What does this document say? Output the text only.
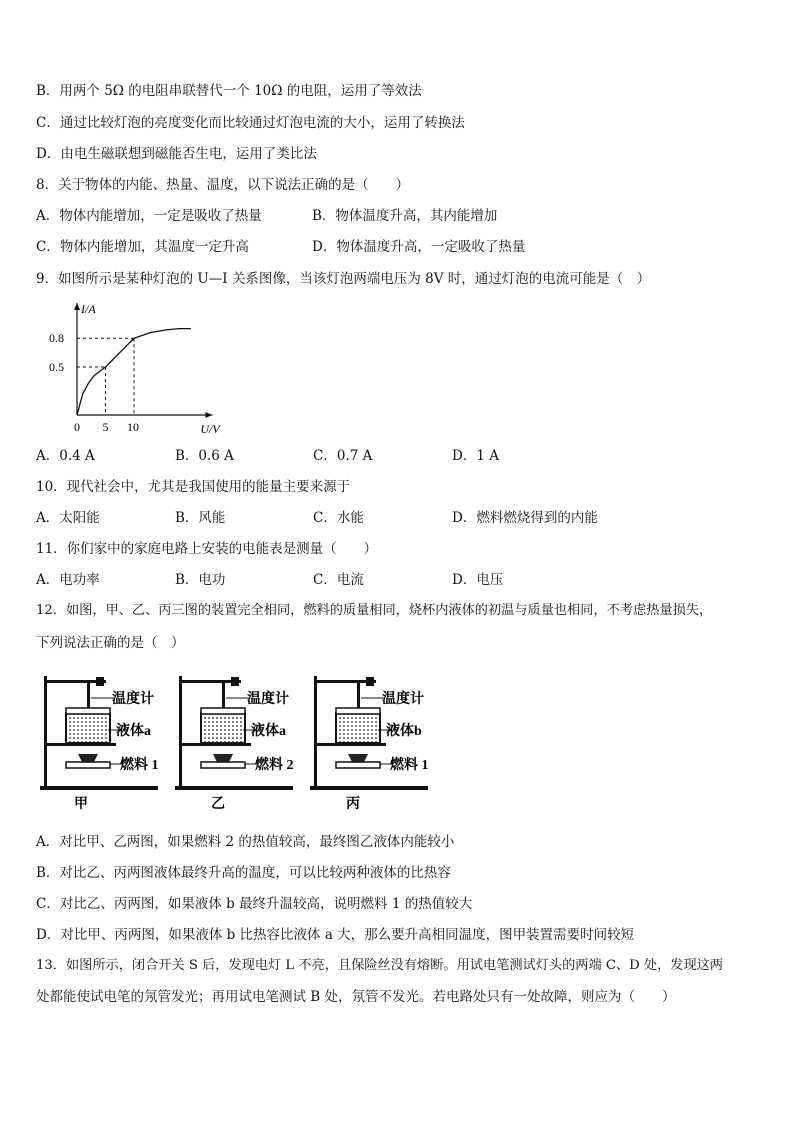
B．用两个 5Ω 的电阻串联替代一个 10Ω 的电阻，运用了等效法
C．通过比较灯泡的亮度变化而比较通过灯泡电流的大小，运用了转换法
D．由电生磁联想到磁能否生电，运用了类比法
8．关于物体的内能、热量、温度，以下说法正确的是（　　）
A．物体内能增加，一定是吸收了热量	B．物体温度升高，其内能增加
C．物体内能增加，其温度一定升高	D．物体温度升高，一定吸收了热量
9．如图所示是某种灯泡的 U—I 关系图像，当该灯泡两端电压为 8V 时，通过灯泡的电流可能是（　）
I/A
U/V
0 5 10
0.5
0.8
A．0.4 A	B．0.6 A	C．0.7 A	D．1 A
10．现代社会中，尤其是我国使用的能量主要来源于
A．太阳能	B．风能	C．水能	D．燃料燃烧得到的内能
11．你们家中的家庭电路上安装的电能表是测量（　　）
A．电功率	B．电功	C．电流	D．电压
12．如图，甲、乙、丙三图的装置完全相同，燃料的质量相同，烧杯内液体的初温与质量也相同，不考虑热量损失，
下列说法正确的是（　）
温度计
液体a
燃料 1
甲
温度计
液体a
燃料 2
乙
温度计
液体b
燃料 1
丙
A．对比甲、乙两图，如果燃料 2 的热值较高，最终图乙液体内能较小
B．对比乙、丙两图液体最终升高的温度，可以比较两种液体的比热容
C．对比乙、丙两图，如果液体 b 最终升温较高，说明燃料 1 的热值较大
D．对比甲、丙两图，如果液体 b 比热容比液体 a 大，那么要升高相同温度，图甲装置需要时间较短
13．如图所示，闭合开关 S 后，发现电灯 L 不亮，且保险丝没有熔断。用试电笔测试灯头的两端 C、D 处，发现这两
处都能使试电笔的氖管发光；再用试电笔测试 B 处，氖管不发光。若电路处只有一处故障，则应为（　　）
